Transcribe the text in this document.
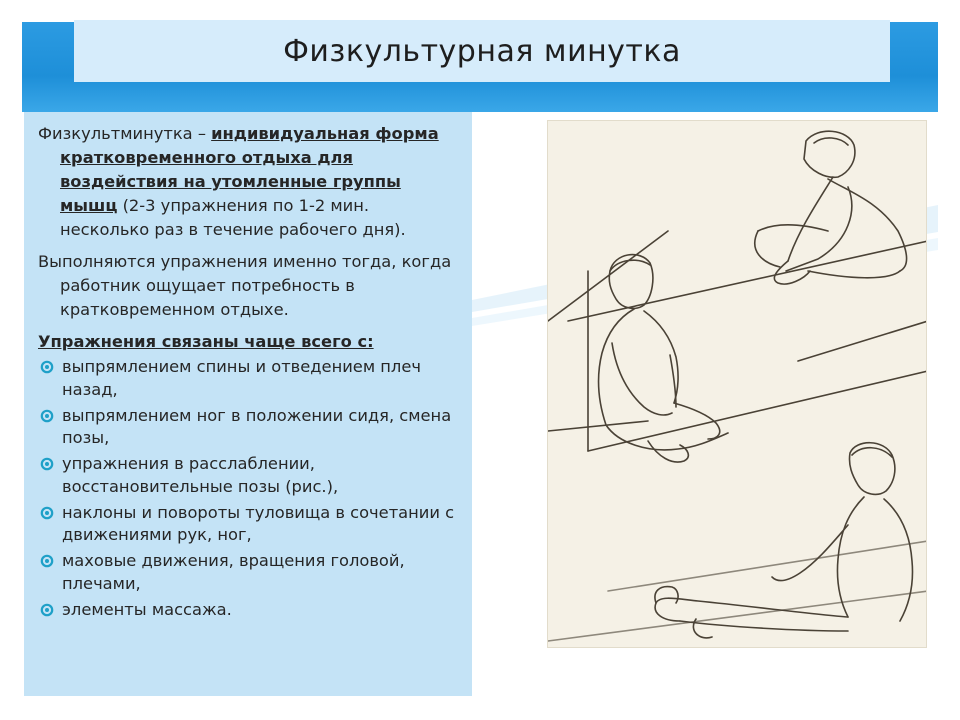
Физкультурная минутка

Физкультминутка – индивидуальная форма кратковременного отдыха для воздействия на утомленные группы мышц (2-3 упражнения по 1-2 мин. несколько раз в течение рабочего дня).

Выполняются упражнения именно тогда, когда работник ощущает потребность в кратковременном отдыхе.

Упражнения связаны чаще всего с:
выпрямлением спины и отведением плеч назад,
выпрямлением ног в положении сидя, смена позы,
упражнения в расслаблении, восстановительные позы (рис.),
наклоны и повороты туловища в сочетании с движениями рук, ног,
маховые движения, вращения головой, плечами,
элементы массажа.
